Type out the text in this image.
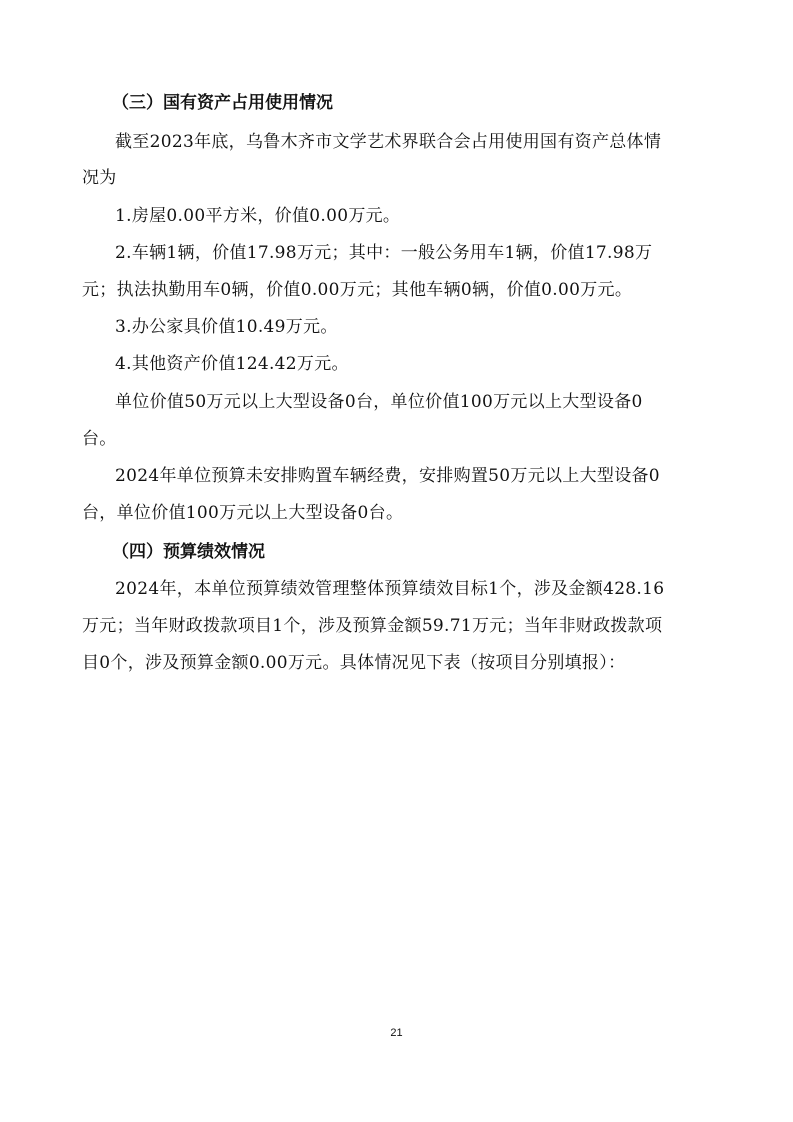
（三）国有资产占用使用情况
截至2023年底，乌鲁木齐市文学艺术界联合会占用使用国有资产总体情
况为
1.房屋0.00平方米，价值0.00万元。
2.车辆1辆，价值17.98万元；其中：一般公务用车1辆，价值17.98万
元；执法执勤用车0辆，价值0.00万元；其他车辆0辆，价值0.00万元。
3.办公家具价值10.49万元。
4.其他资产价值124.42万元。
单位价值50万元以上大型设备0台，单位价值100万元以上大型设备0
台。
2024年单位预算未安排购置车辆经费，安排购置50万元以上大型设备0
台，单位价值100万元以上大型设备0台。
（四）预算绩效情况
2024年，本单位预算绩效管理整体预算绩效目标1个，涉及金额428.16
万元；当年财政拨款项目1个，涉及预算金额59.71万元；当年非财政拨款项
目0个，涉及预算金额0.00万元。具体情况见下表（按项目分别填报）：
21
